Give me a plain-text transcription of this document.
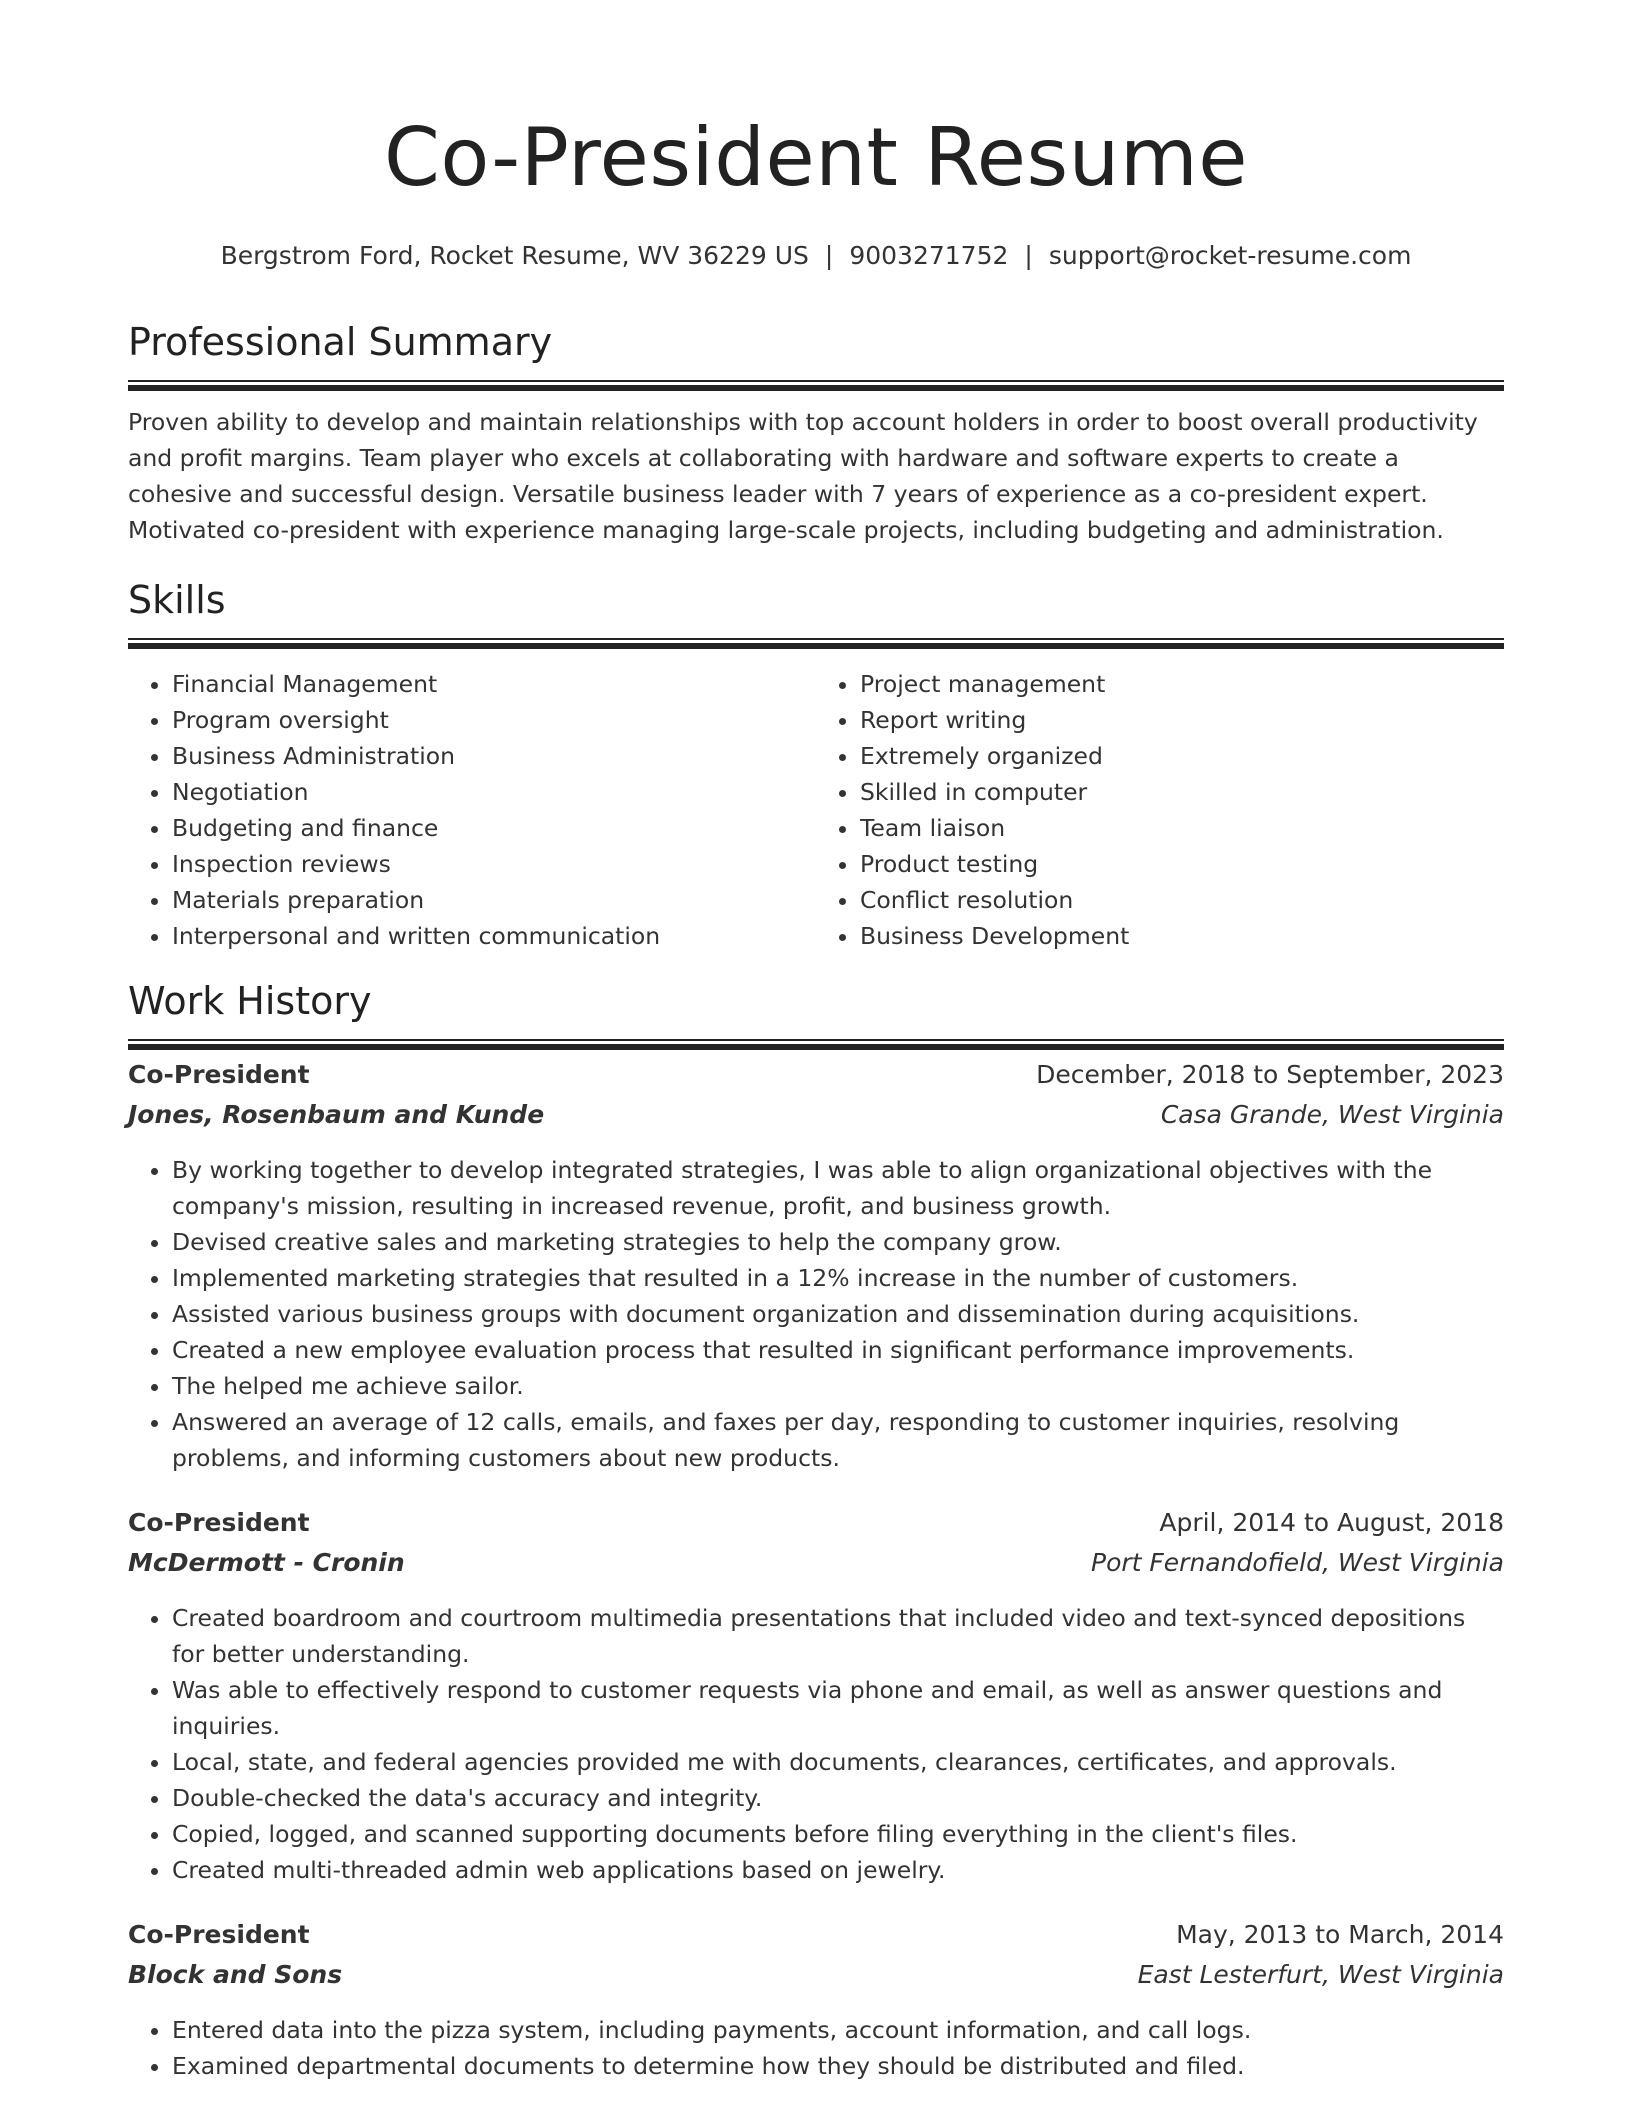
Co-President Resume
Bergstrom Ford, Rocket Resume, WV 36229 US | 9003271752 | support@rocket-resume.com
Professional Summary

Proven ability to develop and maintain relationships with top account holders in order to boost overall productivity and profit margins. Team player who excels at collaborating with hardware and software experts to create a cohesive and successful design. Versatile business leader with 7 years of experience as a co-president expert. Motivated co-president with experience managing large-scale projects, including budgeting and administration.

Skills
• Financial Management
• Program oversight
• Business Administration
• Negotiation
• Budgeting and finance
• Inspection reviews
• Materials preparation
• Interpersonal and written communication
• Project management
• Report writing
• Extremely organized
• Skilled in computer
• Team liaison
• Product testing
• Conflict resolution
• Business Development
Work History
Co-President	December, 2018 to September, 2023
Jones, Rosenbaum and Kunde	Casa Grande, West Virginia
• By working together to develop integrated strategies, I was able to align organizational objectives with the company's mission, resulting in increased revenue, profit, and business growth.
• Devised creative sales and marketing strategies to help the company grow.
• Implemented marketing strategies that resulted in a 12% increase in the number of customers.
• Assisted various business groups with document organization and dissemination during acquisitions.
• Created a new employee evaluation process that resulted in significant performance improvements.
• The helped me achieve sailor.
• Answered an average of 12 calls, emails, and faxes per day, responding to customer inquiries, resolving problems, and informing customers about new products.
Co-President	April, 2014 to August, 2018
McDermott - Cronin	Port Fernandofield, West Virginia
• Created boardroom and courtroom multimedia presentations that included video and text-synced depositions for better understanding.
• Was able to effectively respond to customer requests via phone and email, as well as answer questions and inquiries.
• Local, state, and federal agencies provided me with documents, clearances, certificates, and approvals.
• Double-checked the data's accuracy and integrity.
• Copied, logged, and scanned supporting documents before filing everything in the client's files.
• Created multi-threaded admin web applications based on jewelry.
Co-President	May, 2013 to March, 2014
Block and Sons	East Lesterfurt, West Virginia
• Entered data into the pizza system, including payments, account information, and call logs.
• Examined departmental documents to determine how they should be distributed and filed.
